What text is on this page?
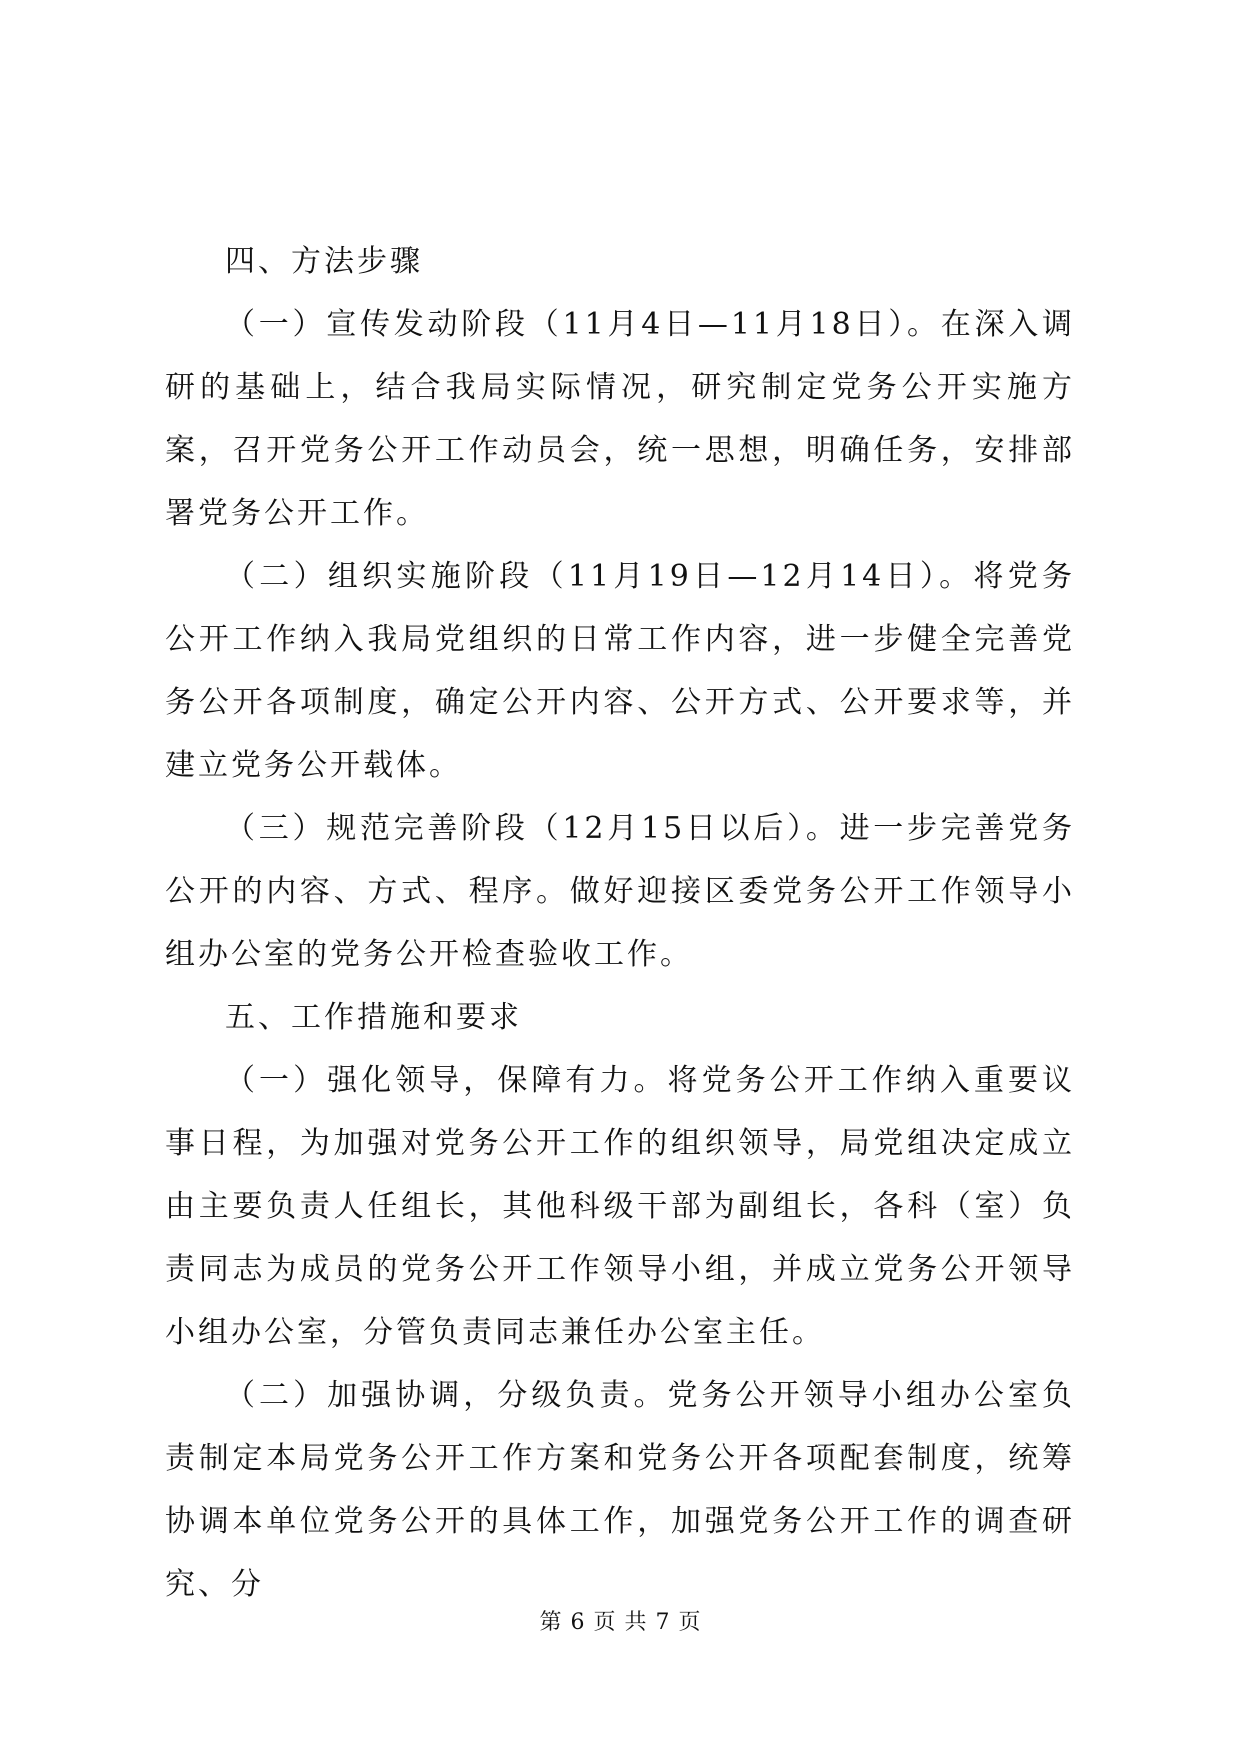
四、方法步骤

（一）宣传发动阶段（11月4日—11月18日）。在深入调研的基础上，结合我局实际情况，研究制定党务公开实施方案，召开党务公开工作动员会，统一思想，明确任务，安排部署党务公开工作。

（二）组织实施阶段（11月19日—12月14日）。将党务公开工作纳入我局党组织的日常工作内容，进一步健全完善党务公开各项制度，确定公开内容、公开方式、公开要求等，并建立党务公开载体。

（三）规范完善阶段（12月15日以后）。进一步完善党务公开的内容、方式、程序。做好迎接区委党务公开工作领导小组办公室的党务公开检查验收工作。

五、工作措施和要求

（一）强化领导，保障有力。将党务公开工作纳入重要议事日程，为加强对党务公开工作的组织领导，局党组决定成立由主要负责人任组长，其他科级干部为副组长，各科（室）负责同志为成员的党务公开工作领导小组，并成立党务公开领导小组办公室，分管负责同志兼任办公室主任。

（二）加强协调，分级负责。党务公开领导小组办公室负责制定本局党务公开工作方案和党务公开各项配套制度，统筹协调本单位党务公开的具体工作，加强党务公开工作的调查研究、分

第 6 页 共 7 页
